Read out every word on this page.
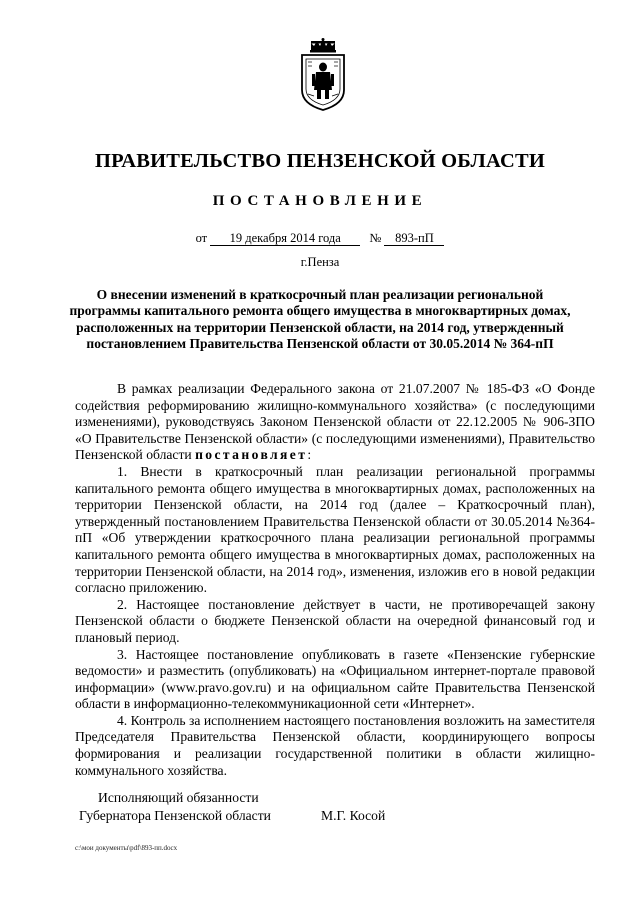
ПРАВИТЕЛЬСТВО ПЕНЗЕНСКОЙ ОБЛАСТИ
ПОСТАНОВЛЕНИЕ
от 19 декабря 2014 года № 893-пП
г.Пенза
О внесении изменений в краткосрочный план реализации региональной программы капитального ремонта общего имущества в многоквартирных домах, расположенных на территории Пензенской области, на 2014 год, утвержденный постановлением Правительства Пензенской области от 30.05.2014 № 364-пП

В рамках реализации Федерального закона от 21.07.2007 № 185-ФЗ «О Фонде содействия реформированию жилищно-коммунального хозяйства» (с последующими изменениями), руководствуясь Законом Пензенской области от 22.12.2005 № 906-ЗПО «О Правительстве Пензенской области» (с последующими изменениями), Правительство Пензенской области постановляет:

1. Внести в краткосрочный план реализации региональной программы капитального ремонта общего имущества в многоквартирных домах, расположенных на территории Пензенской области, на 2014 год (далее – Краткосрочный план), утвержденный постановлением Правительства Пензенской области от 30.05.2014 №364-пП «Об утверждении краткосрочного плана реализации региональной программы капитального ремонта общего имущества в многоквартирных домах, расположенных на территории Пензенской области, на 2014 год», изменения, изложив его в новой редакции согласно приложению.

2. Настоящее постановление действует в части, не противоречащей закону Пензенской области о бюджете Пензенской области на очередной финансовый год и плановый период.

3. Настоящее постановление опубликовать в газете «Пензенские губернские ведомости» и разместить (опубликовать) на «Официальном интернет-портале правовой информации» (www.pravo.gov.ru) и на официальном сайте Правительства Пензенской области в информационно-телекоммуникационной сети «Интернет».

4. Контроль за исполнением настоящего постановления возложить на заместителя Председателя Правительства Пензенской области, координирующего вопросы формирования и реализации государственной политики в области жилищно-коммунального хозяйства.

Исполняющий обязанности
Губернатора Пензенской области	М.Г. Косой
c:\мои документы\pdf\893-пп.docx
